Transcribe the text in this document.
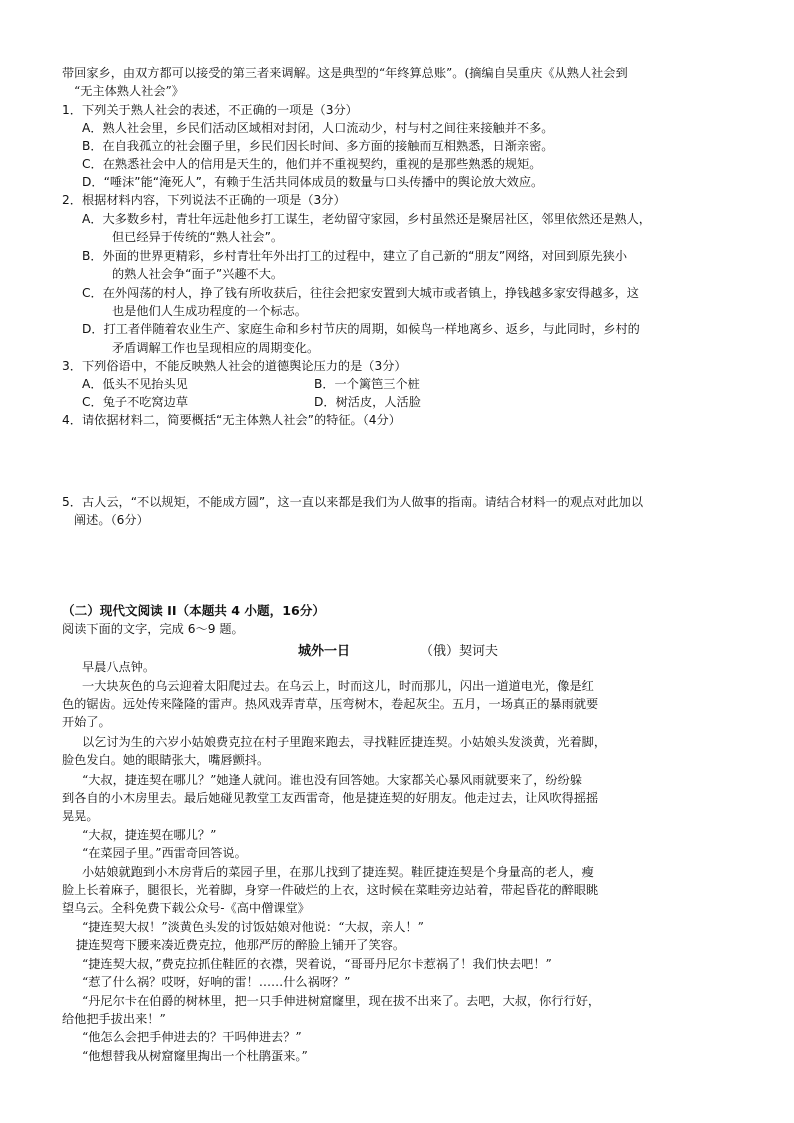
带回家乡，由双方都可以接受的第三者来调解。这是典型的“年终算总账”。(摘编自吴重庆《从熟人社会到
“无主体熟人社会”》
1．下列关于熟人社会的表述，不正确的一项是（3分）
A．熟人社会里，乡民们活动区域相对封闭，人口流动少，村与村之间往来接触并不多。
B．在自我孤立的社会圈子里，乡民们因长时间、多方面的接触而互相熟悉，日渐亲密。
C．在熟悉社会中人的信用是天生的，他们并不重视契约，重视的是那些熟悉的规矩。
D．“唾沫”能“淹死人”，有赖于生活共同体成员的数量与口头传播中的舆论放大效应。
2．根据材料内容，下列说法不正确的一项是（3分）
A．大多数乡村，青壮年远赴他乡打工谋生，老幼留守家园，乡村虽然还是聚居社区，邻里依然还是熟人，
但已经异于传统的“熟人社会”。
B．外面的世界更精彩，乡村青壮年外出打工的过程中，建立了自己新的“朋友”网络，对回到原先狭小
的熟人社会争“面子”兴趣不大。
C．在外闯荡的村人，挣了钱有所收获后，往往会把家安置到大城市或者镇上，挣钱越多家安得越多，这
也是他们人生成功程度的一个标志。
D．打工者伴随着农业生产、家庭生命和乡村节庆的周期，如候鸟一样地离乡、返乡，与此同时，乡村的
矛盾调解工作也呈现相应的周期变化。
3．下列俗语中，不能反映熟人社会的道德舆论压力的是（3分）
A．低头不见抬头见	B．一个篱笆三个桩
C．兔子不吃窝边草	D．树活皮，人活脸
4．请依据材料二，简要概括“无主体熟人社会”的特征。（4分）
5．古人云，“不以规矩，不能成方圆”，这一直以来都是我们为人做事的指南。请结合材料一的观点对此加以
阐述。（6分）
（二）现代文阅读 II（本题共 4 小题，16分）
阅读下面的文字，完成 6～9 题。
城外一日	（俄）契诃夫
早晨八点钟。
一大块灰色的乌云迎着太阳爬过去。在乌云上，时而这儿，时而那儿，闪出一道道电光，像是红
色的锯齿。远处传来隆隆的雷声。热风戏弄青草，压弯树木，卷起灰尘。五月，一场真正的暴雨就要
开始了。
以乞讨为生的六岁小姑娘费克拉在村子里跑来跑去，寻找鞋匠捷连契。小姑娘头发淡黄，光着脚，
脸色发白。她的眼睛张大，嘴唇颤抖。
“大叔，捷连契在哪儿？”她逢人就问。谁也没有回答她。大家都关心暴风雨就要来了，纷纷躲
到各自的小木房里去。最后她碰见教堂工友西雷奇，他是捷连契的好朋友。他走过去，让风吹得摇摇
晃晃。
“大叔，捷连契在哪儿？”
“在菜园子里。”西雷奇回答说。
小姑娘就跑到小木房背后的菜园子里，在那儿找到了捷连契。鞋匠捷连契是个身量高的老人，瘦
脸上长着麻子，腿很长，光着脚，身穿一件破烂的上衣，这时候在菜畦旁边站着，带起昏花的醉眼眺
望乌云。全科免费下载公众号-《高中僧课堂》
“捷连契大叔！”淡黄色头发的讨饭姑娘对他说：“大叔，亲人！”
捷连契弯下腰来凑近费克拉，他那严厉的醉脸上铺开了笑容。
“捷连契大叔，”费克拉抓住鞋匠的衣襟，哭着说，“哥哥丹尼尔卡惹祸了！我们快去吧！”
“惹了什么祸？哎呀，好响的雷！……什么祸呀？”
“丹尼尔卡在伯爵的树林里，把一只手伸进树窟窿里，现在拔不出来了。去吧，大叔，你行行好，
给他把手拔出来！”
“他怎么会把手伸进去的？干吗伸进去？”
“他想替我从树窟窿里掏出一个杜鹃蛋来。”
